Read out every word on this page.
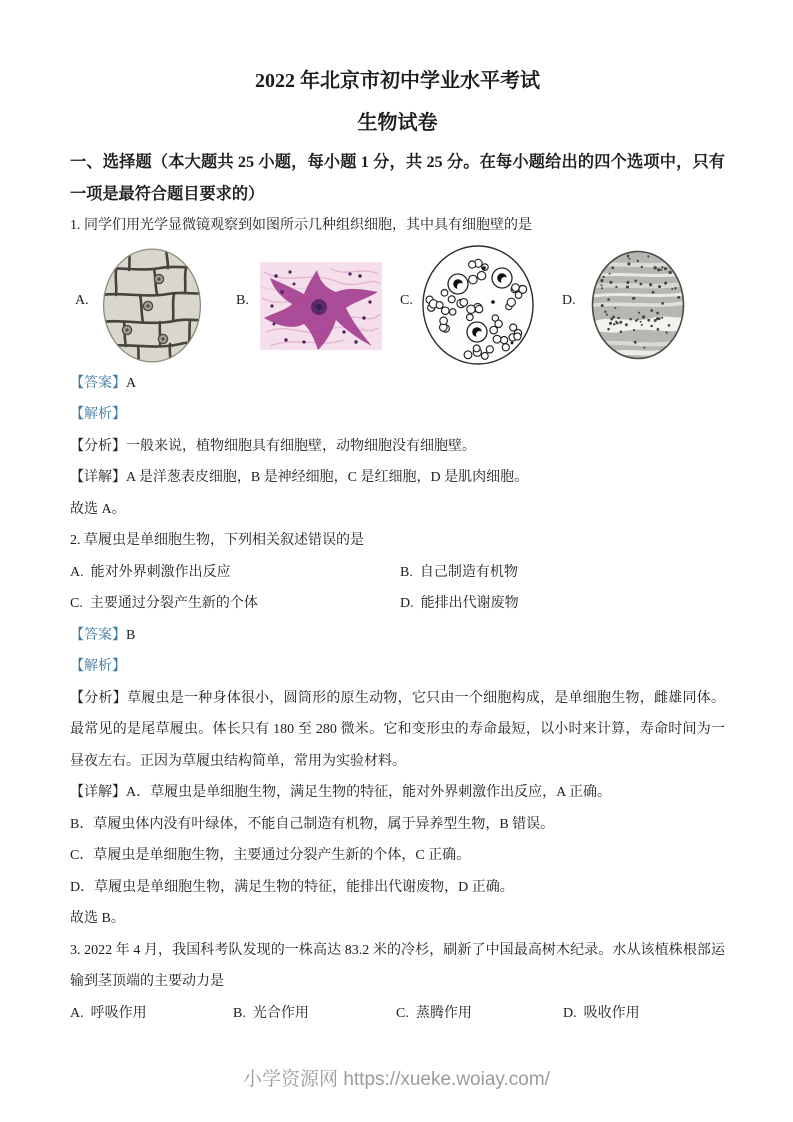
2022 年北京市初中学业水平考试

生物试卷

一、选择题（本大题共 25 小题，每小题 1 分，共 25 分。在每小题给出的四个选项中，只有一项是最符合题目要求的）

1. 同学们用光学显微镜观察到如图所示几种组织细胞，其中具有细胞壁的是

A.	B.	C.	D.

【答案】A

【解析】

【分析】一般来说，植物细胞具有细胞壁，动物细胞没有细胞壁。

【详解】A 是洋葱表皮细胞，B 是神经细胞，C 是红细胞，D 是肌肉细胞。

故选 A。

2. 草履虫是单细胞生物，下列相关叙述错误的是

A. 能对外界刺激作出反应	B. 自己制造有机物
C. 主要通过分裂产生新的个体	D. 能排出代谢废物

【答案】B

【解析】

【分析】草履虫是一种身体很小，圆筒形的原生动物，它只由一个细胞构成，是单细胞生物，雌雄同体。最常见的是尾草履虫。体长只有 180 至 280 微米。它和变形虫的寿命最短，以小时来计算，寿命时间为一昼夜左右。正因为草履虫结构简单，常用为实验材料。

【详解】A．草履虫是单细胞生物，满足生物的特征，能对外界刺激作出反应，A 正确。

B．草履虫体内没有叶绿体，不能自己制造有机物，属于异养型生物，B 错误。

C．草履虫是单细胞生物，主要通过分裂产生新的个体，C 正确。

D．草履虫是单细胞生物，满足生物的特征，能排出代谢废物，D 正确。

故选 B。

3. 2022 年 4 月，我国科考队发现的一株高达 83.2 米的冷杉，刷新了中国最高树木纪录。水从该植株根部运输到茎顶端的主要动力是

A. 呼吸作用	B. 光合作用	C. 蒸腾作用	D. 吸收作用
小学资源网 https://xueke.woiay.com/
